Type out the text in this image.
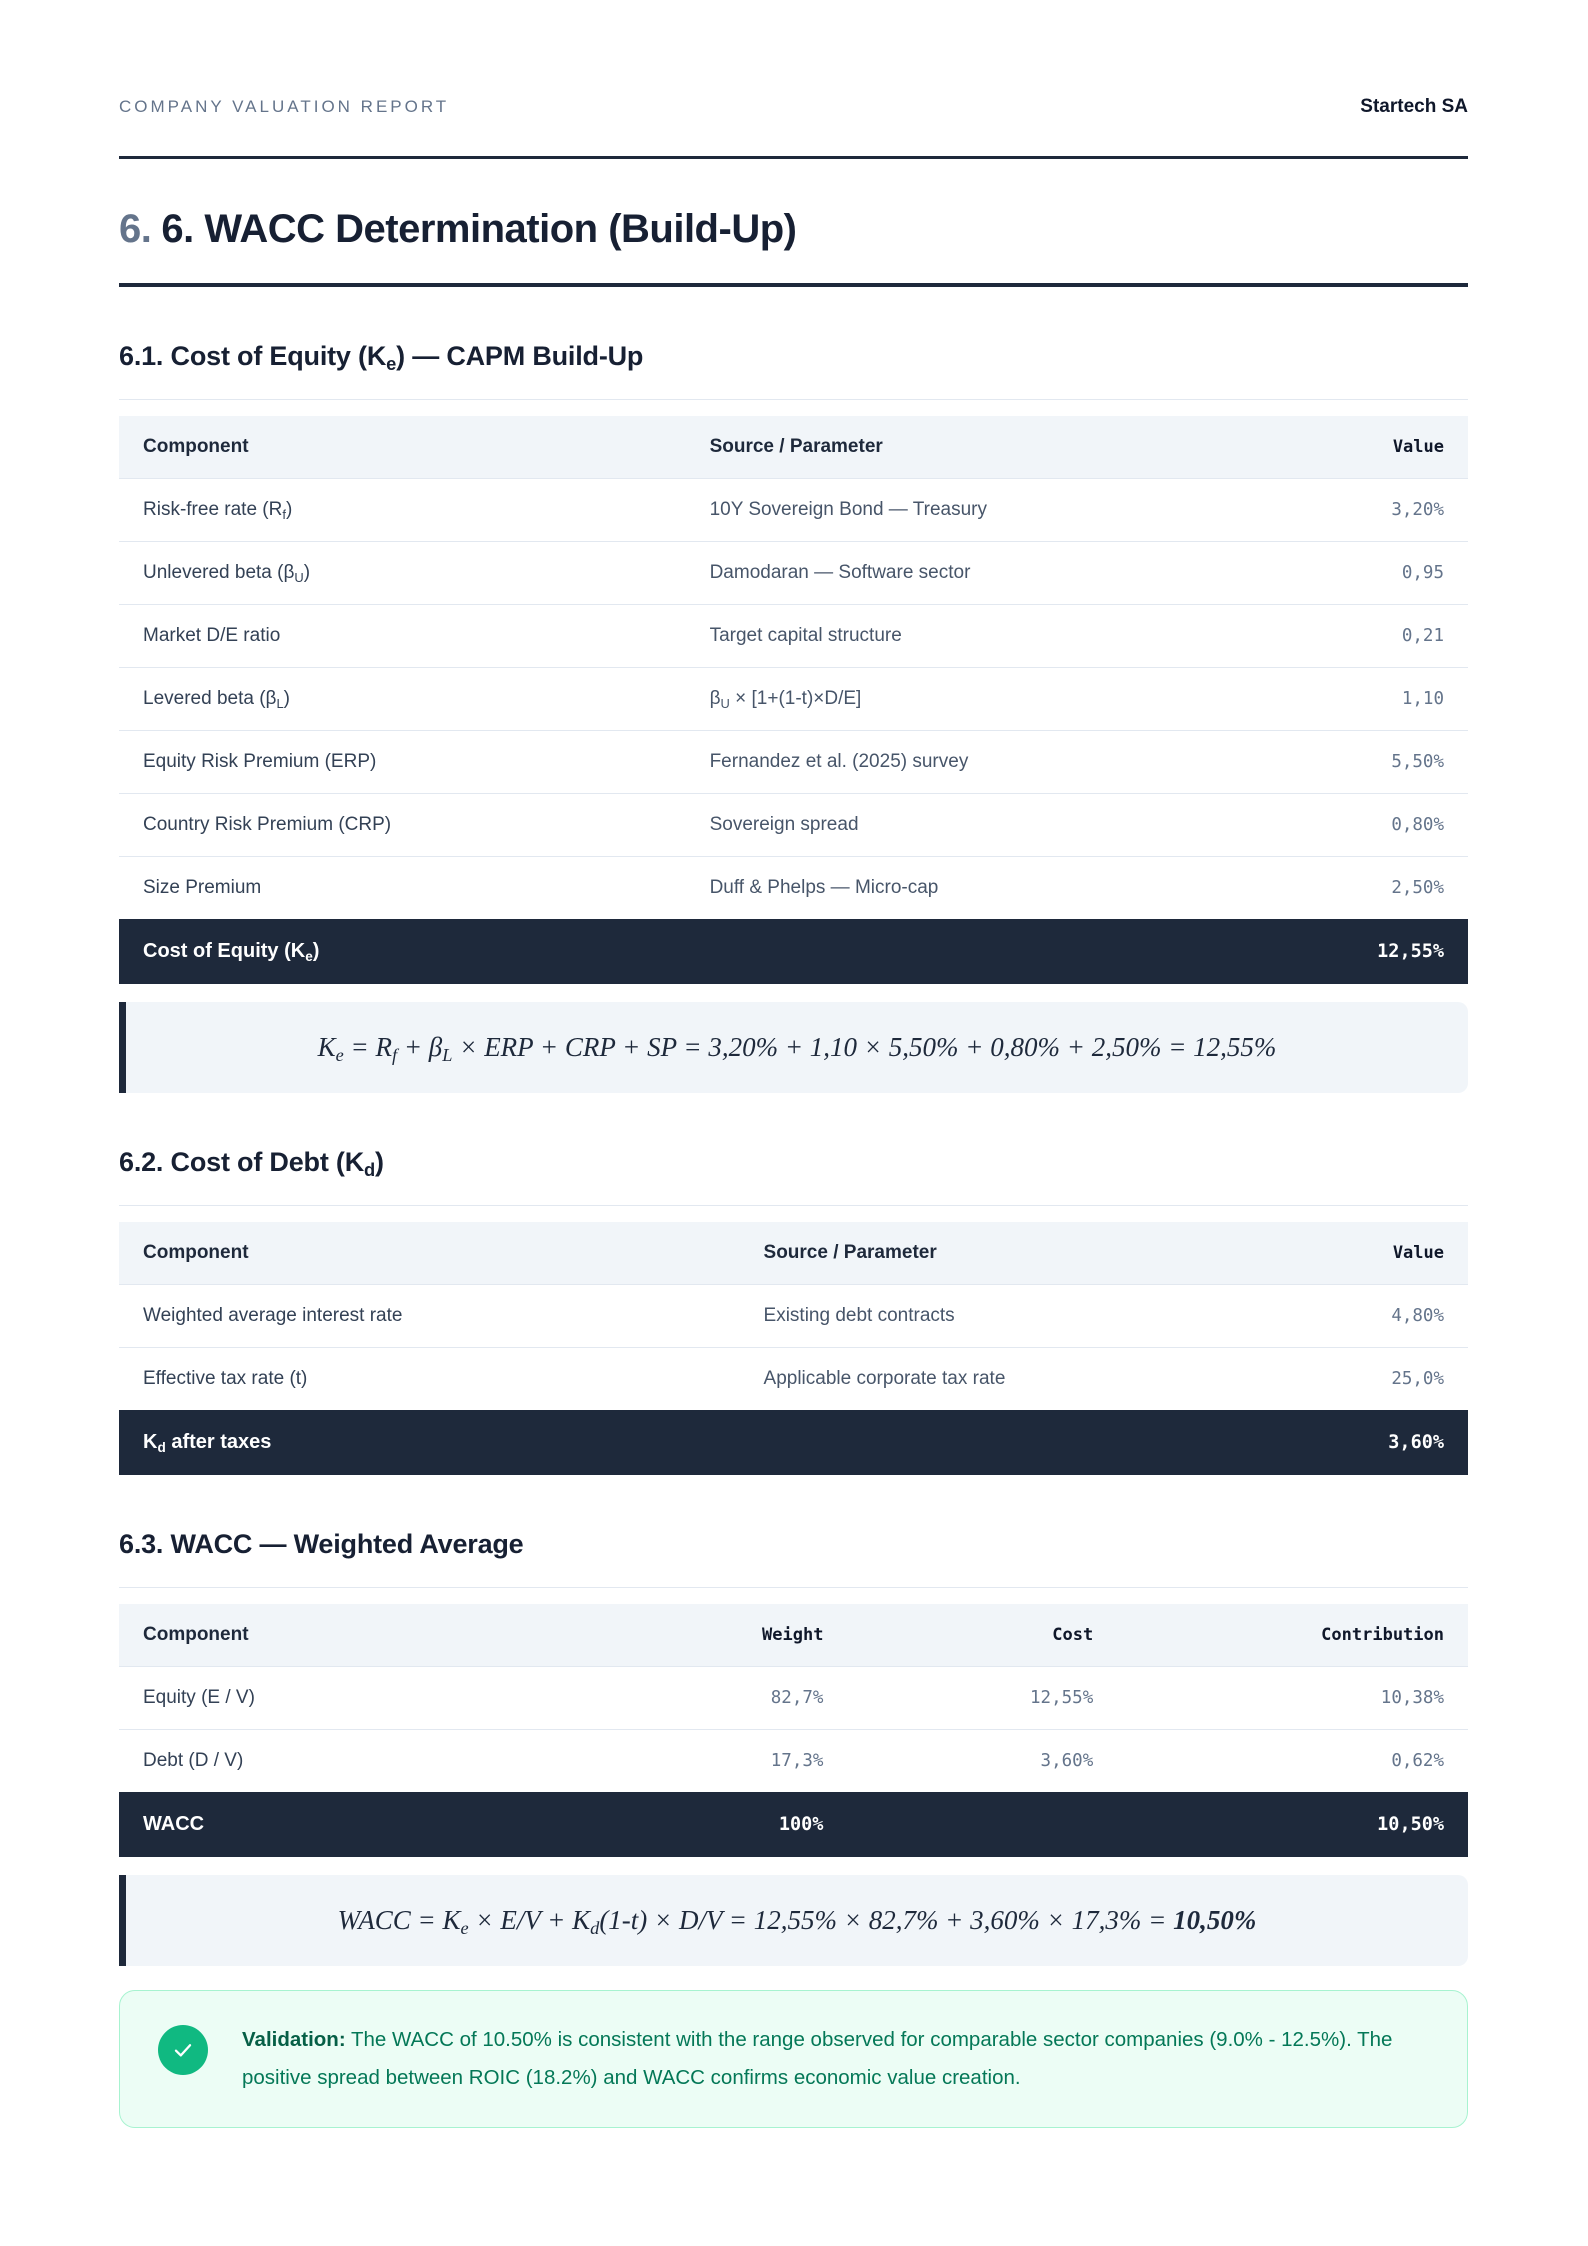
COMPANY VALUATION REPORT	Startech SA
6. 6. WACC Determination (Build-Up)
6.1. Cost of Equity $(K_e)$ — CAPM Build-Up
Component	Source / Parameter	Value
Risk-free rate $(R_f)$	10Y Sovereign Bond — Treasury	3,20%
Unlevered beta $(\beta_U)$	Damodaran — Software sector	0,95
Market D/E ratio	Target capital structure	0,21
Levered beta $(\beta_L)$	$\beta_U \times [1+(1-t)\times D/E]$	1,10
Equity Risk Premium (ERP)	Fernandez et al. (2025) survey	5,50%
Country Risk Premium (CRP)	Sovereign spread	0,80%
Size Premium	Duff & Phelps — Micro-cap	2,50%
Cost of Equity $(K_e)$		12,55%
$K_e = R_f + \beta_L$ × ERP + CRP + SP = 3,20% + 1,10 × 5,50% + 0,80% + 2,50% = 12,55%
6.2. Cost of Debt $(K_d)$
Component	Source / Parameter	Value
Weighted average interest rate	Existing debt contracts	4,80%
Effective tax rate (t)	Applicable corporate tax rate	25,0%
$K_d$ after taxes		3,60%
6.3. WACC — Weighted Average
Component	Weight	Cost	Contribution
Equity (E / V)	82,7%	12,55%	10,38%
Debt (D / V)	17,3%	3,60%	0,62%
WACC	100%		10,50%
WACC = $K_e \times E/V + K_d(1-t) \times D/V = 12,55\% \times 82,7\% + 3,60\% \times 17,3\% = 10,50\%$

Validation: The WACC of 10.50% is consistent with the range observed for comparable sector companies (9.0% - 12.5%). The positive spread between ROIC (18.2%) and WACC confirms economic value creation.
